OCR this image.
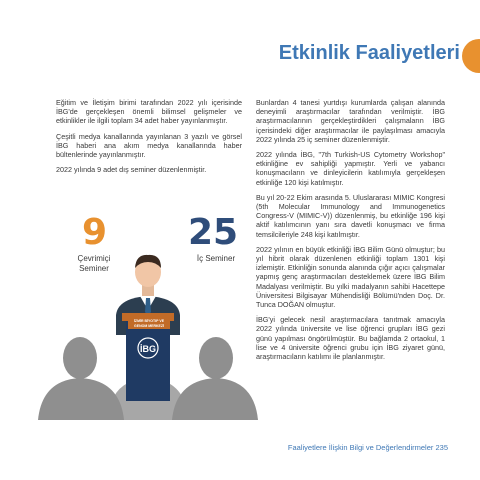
Etkinlik Faaliyetleri

Eğitim ve İletişim birimi tarafından 2022 yılı içerisinde İBG'de gerçekleşen önemli bilimsel gelişmeler ve etkinlikler ile ilgili toplam 34 adet haber yayınlanmıştır.

Çeşitli medya kanallarında yayınlanan 3 yazılı ve görsel İBG haberi ana akım medya kanallarında haber bültenlerinde yayınlanmıştır.

2022 yılında 9 adet dış seminer düzenlenmiştir.

İBG
İZMİR BİYOTIP VE GENOM MERKEZİ
9
Çevrimiçi Seminer
25
İç Seminer

Bunlardan 4 tanesi yurtdışı kurumlarda çalışan alanında deneyimli araştırmacılar tarafından verilmiştir. İBG araştırmacılarının gerçekleştirdikleri çalışmaların İBG içerisindeki diğer araştırmacılar ile paylaşılması amacıyla 2022 yılında 25 iç seminer düzenlenmiştir.

2022 yılında İBG, "7th Turkish-US Cytometry Workshop" etkinliğine ev sahipliği yapmıştır. Yerli ve yabancı konuşmacıların ve dinleyicilerin katılımıyla gerçekleşen etkinliğe 120 kişi katılmıştır.

Bu yıl 20-22 Ekim arasında 5. Uluslararası MIMIC Kongresi (5th Molecular Immunology and Immunogenetics Congress-V (MIMIC-V)) düzenlenmiş, bu etkinliğe 196 kişi aktif katılımcının yanı sıra davetli konuşmacı ve firma temsilcileriyle 248 kişi katılmıştır.

2022 yılının en büyük etkinliği İBG Bilim Günü olmuştur; bu yıl hibrit olarak düzenlenen etkinliği toplam 1301 kişi izlemiştir. Etkinliğin sonunda alanında çığır açıcı çalışmalar yapmış genç araştırmacıları desteklemek üzere İBG Bilim Madalyası verilmiştir. Bu yılki madalyanın sahibi Hacettepe Üniversitesi Bilgisayar Mühendisliği Bölümü'nden Doç. Dr. Tunca DOĞAN olmuştur.

İBG'yi gelecek nesil araştırmacılara tanıtmak amacıyla 2022 yılında üniversite ve lise öğrenci grupları İBG gezi günü yapılması öngörülmüştür. Bu bağlamda 2 ortaokul, 1 lise ve 4 üniversite öğrenci grubu için İBG ziyaret günü, araştırmacıların katılımı ile planlanmıştır.

Faaliyetlere İlişkin Bilgi ve Değerlendirmeler 235
